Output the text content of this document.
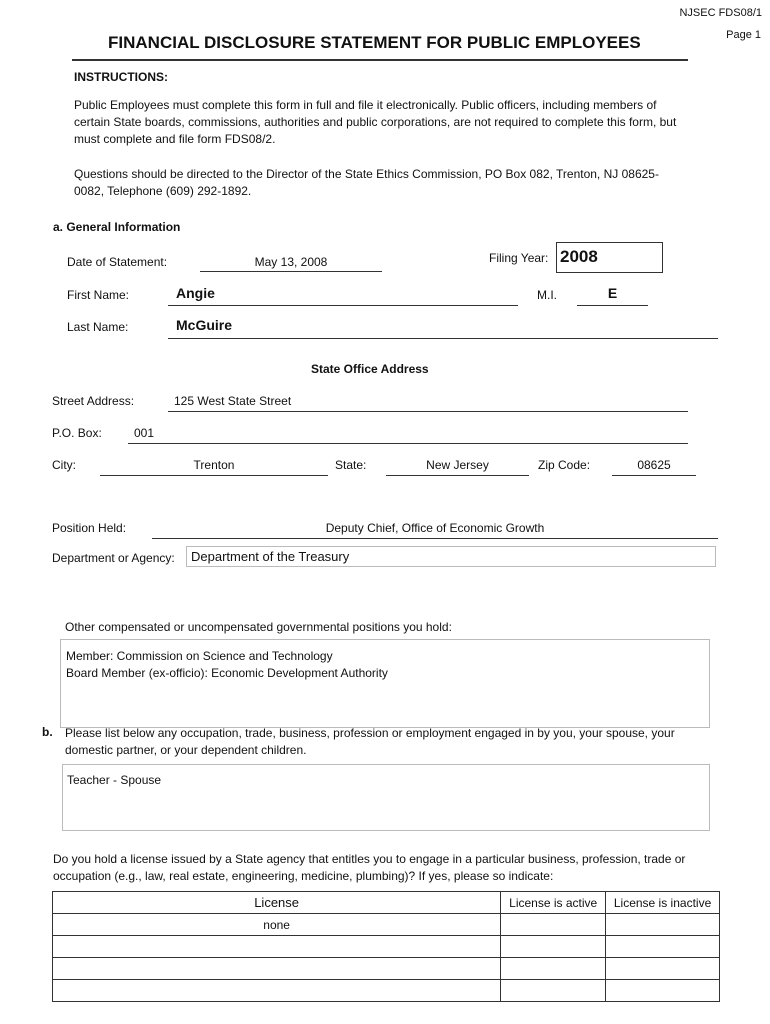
NJSEC FDS08/1
Page 1
FINANCIAL DISCLOSURE STATEMENT FOR PUBLIC EMPLOYEES
INSTRUCTIONS:
Public Employees must complete this form in full and file it electronically. Public officers, including members of certain State boards, commissions, authorities and public corporations, are not required to complete this form, but must complete and file form FDS08/2.
Questions should be directed to the Director of the State Ethics Commission, PO Box 082, Trenton, NJ 08625-0082, Telephone (609) 292-1892.
a. General Information
Date of Statement:	May 13, 2008	Filing Year: 2008
First Name:	Angie	M.I.	E
Last Name:	McGuire
State Office Address
Street Address:	125 West State Street
P.O. Box:	001
City:	Trenton	State:	New Jersey	Zip Code:	08625
Position Held:	Deputy Chief, Office of Economic Growth
Department or Agency: Department of the Treasury
Other compensated or uncompensated governmental positions you hold:
Member: Commission on Science and Technology
Board Member (ex-officio): Economic Development Authority
b. Please list below any occupation, trade, business, profession or employment engaged in by you, your spouse, your domestic partner, or your dependent children.
Teacher - Spouse
Do you hold a license issued by a State agency that entitles you to engage in a particular business, profession, trade or occupation (e.g., law, real estate, engineering, medicine, plumbing)? If yes, please so indicate:
License	License is active	License is inactive
none		
